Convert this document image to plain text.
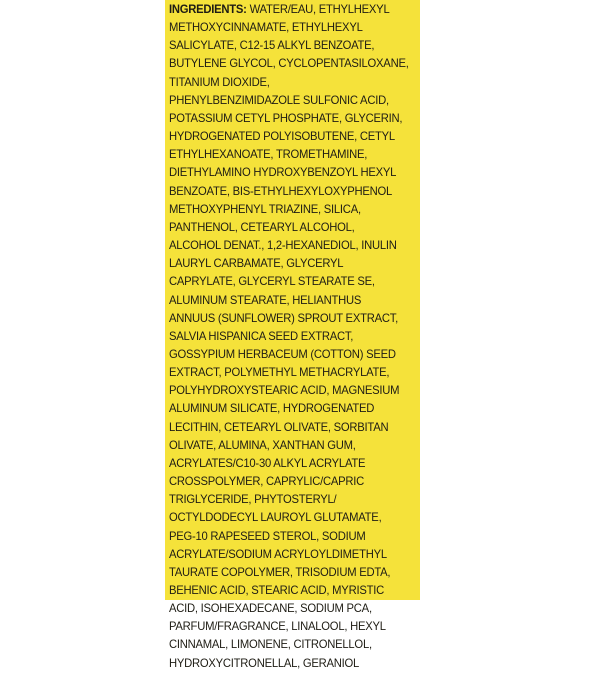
INGREDIENTS: WATER/EAU, ETHYLHEXYL
METHOXYCINNAMATE, ETHYLHEXYL
SALICYLATE, C12-15 ALKYL BENZOATE,
BUTYLENE GLYCOL, CYCLOPENTASILOXANE,
TITANIUM DIOXIDE,
PHENYLBENZIMIDAZOLE SULFONIC ACID,
POTASSIUM CETYL PHOSPHATE, GLYCERIN,
HYDROGENATED POLYISOBUTENE, CETYL
ETHYLHEXANOATE, TROMETHAMINE,
DIETHYLAMINO HYDROXYBENZOYL HEXYL
BENZOATE, BIS-ETHYLHEXYLOXYPHENOL
METHOXYPHENYL TRIAZINE, SILICA,
PANTHENOL, CETEARYL ALCOHOL,
ALCOHOL DENAT., 1,2-HEXANEDIOL, INULIN
LAURYL CARBAMATE, GLYCERYL
CAPRYLATE, GLYCERYL STEARATE SE,
ALUMINUM STEARATE, HELIANTHUS
ANNUUS (SUNFLOWER) SPROUT EXTRACT,
SALVIA HISPANICA SEED EXTRACT,
GOSSYPIUM HERBACEUM (COTTON) SEED
EXTRACT, POLYMETHYL METHACRYLATE,
POLYHYDROXYSTEARIC ACID, MAGNESIUM
ALUMINUM SILICATE, HYDROGENATED
LECITHIN, CETEARYL OLIVATE, SORBITAN
OLIVATE, ALUMINA, XANTHAN GUM,
ACRYLATES/C10-30 ALKYL ACRYLATE
CROSSPOLYMER, CAPRYLIC/CAPRIC
TRIGLYCERIDE, PHYTOSTERYL/
OCTYLDODECYL LAUROYL GLUTAMATE,
PEG-10 RAPESEED STEROL, SODIUM
ACRYLATE/SODIUM ACRYLOYLDIMETHYL
TAURATE COPOLYMER, TRISODIUM EDTA,
BEHENIC ACID, STEARIC ACID, MYRISTIC
ACID, ISOHEXADECANE, SODIUM PCA,
PARFUM/FRAGRANCE, LINALOOL, HEXYL
CINNAMAL, LIMONENE, CITRONELLOL,
HYDROXYCITRONELLAL, GERANIOL
